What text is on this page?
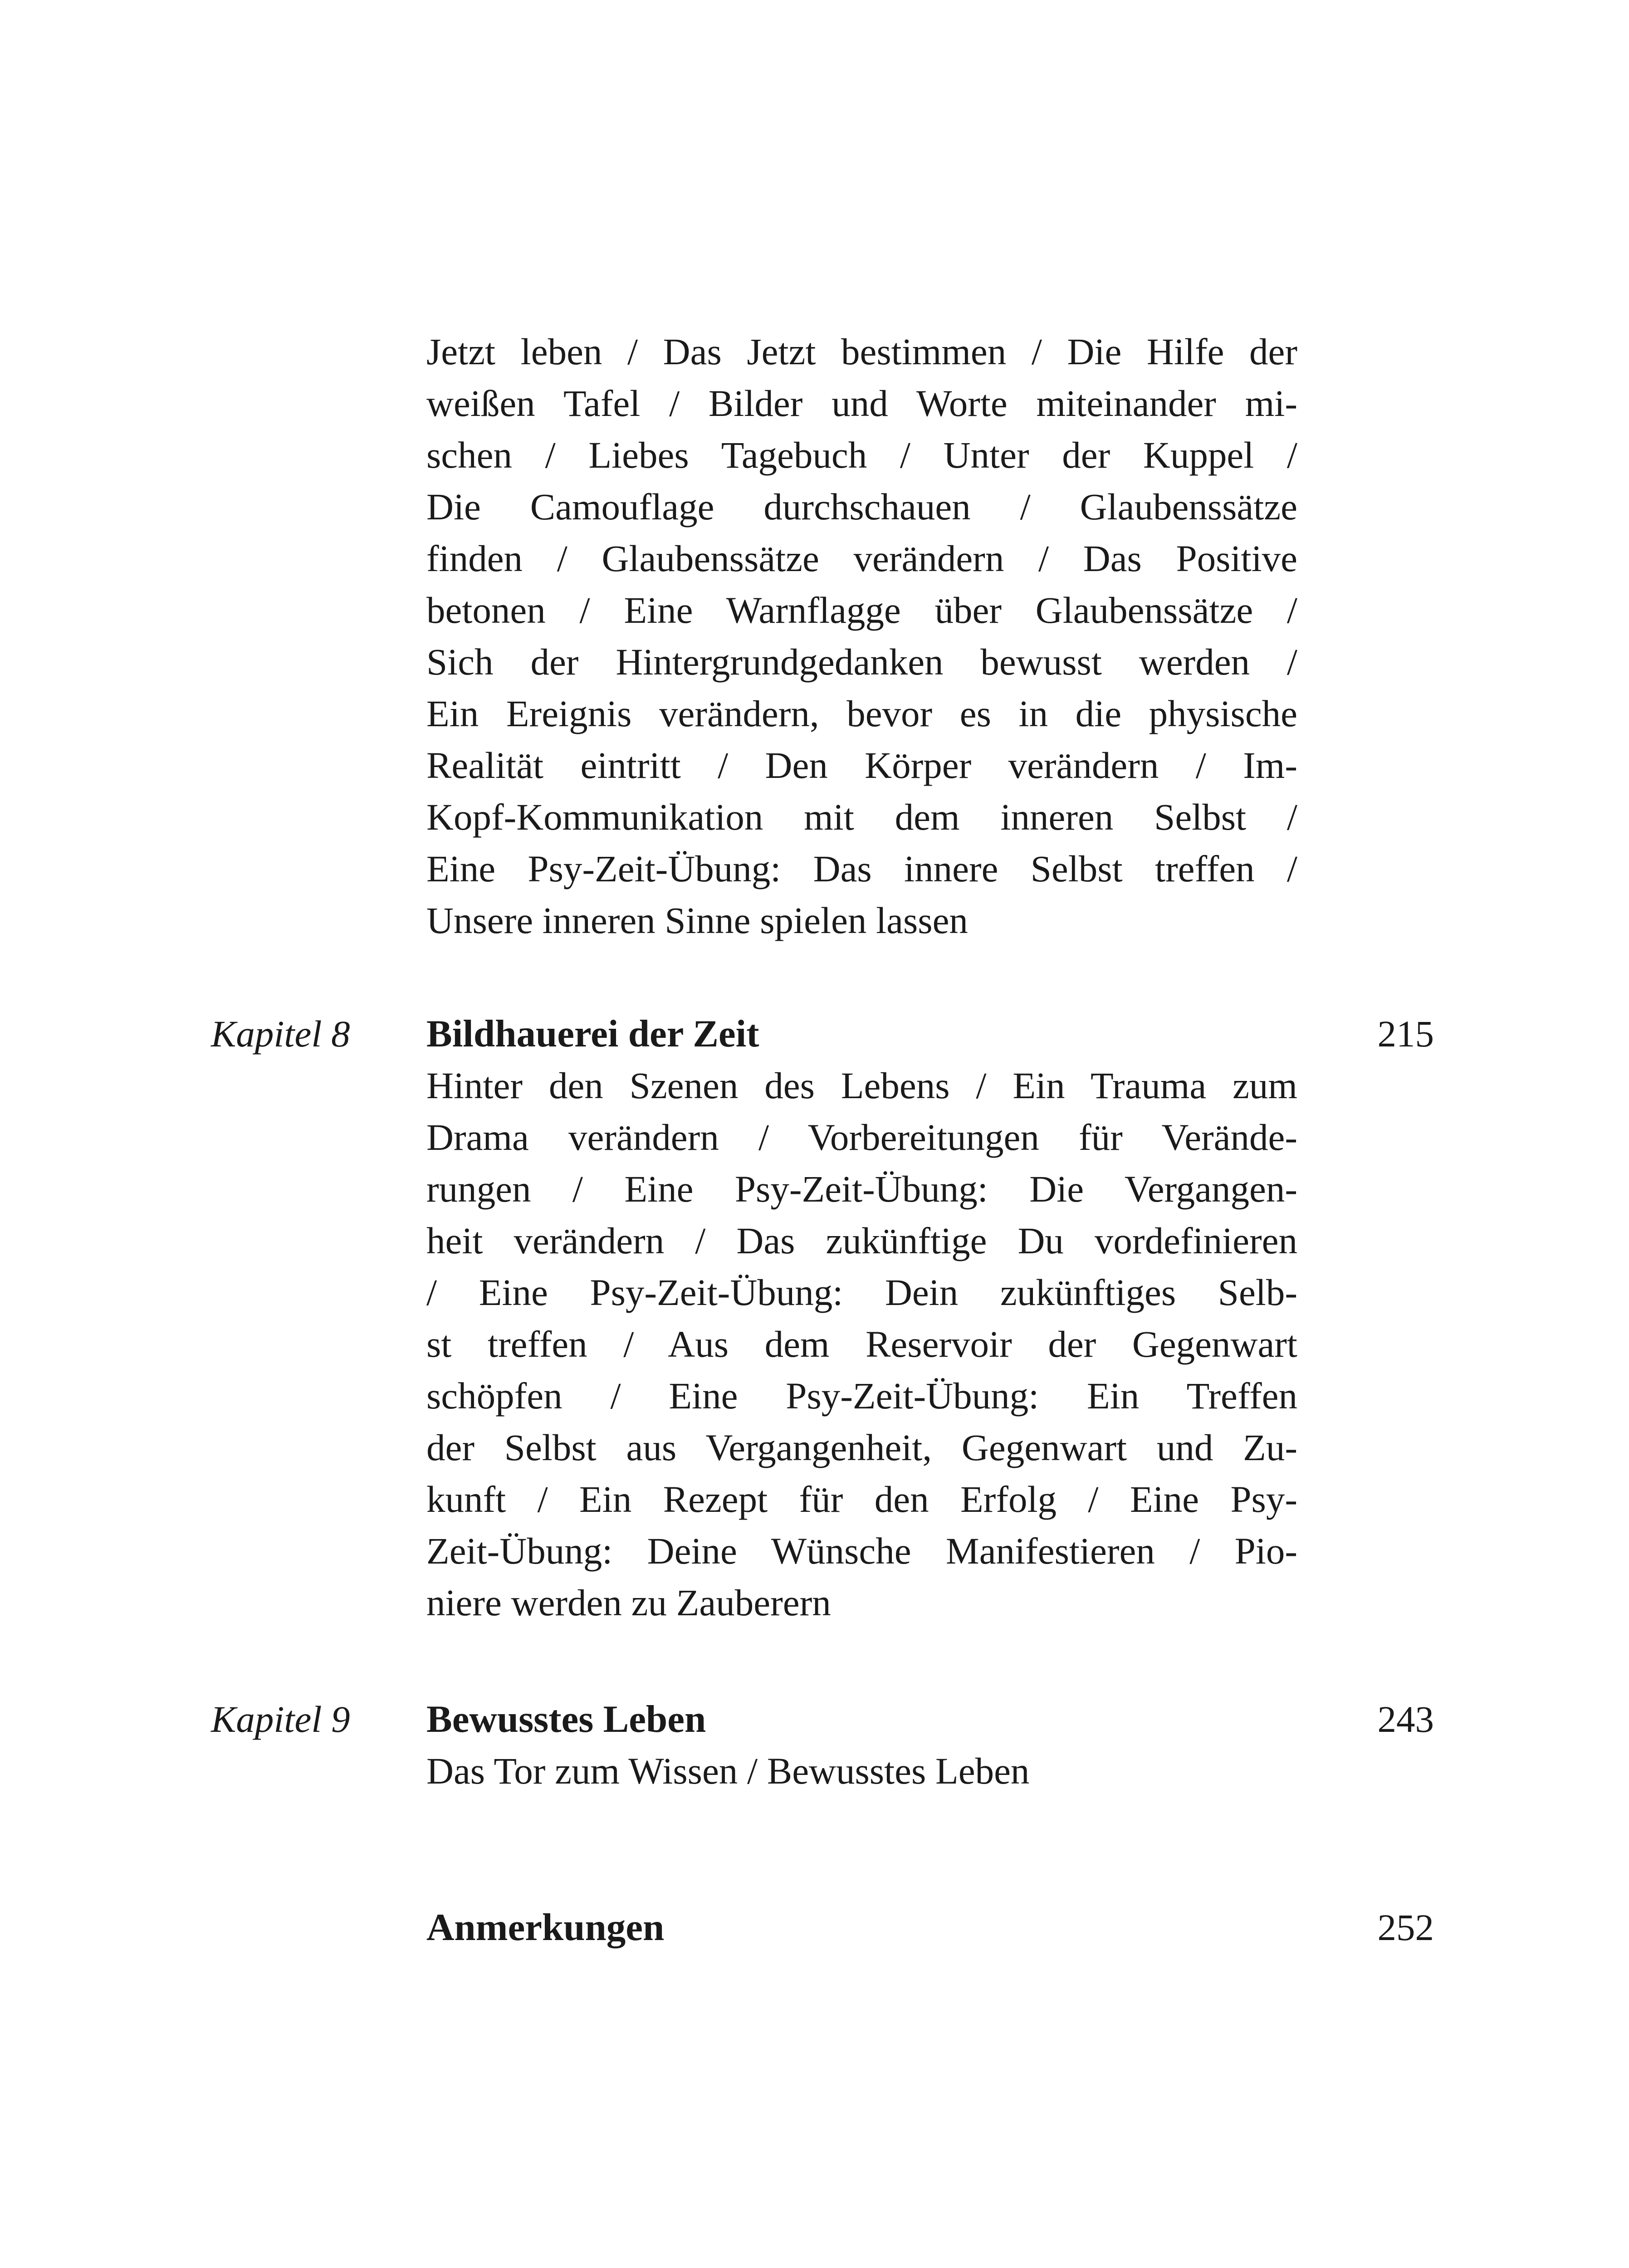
Jetzt leben / Das Jetzt bestimmen / Die Hilfe der
weißen Tafel / Bilder und Worte miteinander mi-
schen / Liebes Tagebuch / Unter der Kuppel /
Die Camouflage durchschauen / Glaubenssätze
finden / Glaubenssätze verändern / Das Positive
betonen / Eine Warnflagge über Glaubenssätze /
Sich der Hintergrundgedanken bewusst werden /
Ein Ereignis verändern, bevor es in die physische
Realität eintritt / Den Körper verändern / Im-
Kopf-Kommunikation mit dem inneren Selbst /
Eine Psy-Zeit-Übung: Das innere Selbst treffen /
Unsere inneren Sinne spielen lassen
Kapitel 8	215
Bildhauerei der Zeit
Hinter den Szenen des Lebens / Ein Trauma zum
Drama verändern / Vorbereitungen für Verände-
rungen / Eine Psy-Zeit-Übung: Die Vergangen-
heit verändern / Das zukünftige Du vordefinieren
/ Eine Psy-Zeit-Übung: Dein zukünftiges Selb-
st treffen / Aus dem Reservoir der Gegenwart
schöpfen / Eine Psy-Zeit-Übung: Ein Treffen
der Selbst aus Vergangenheit, Gegenwart und Zu-
kunft / Ein Rezept für den Erfolg / Eine Psy-
Zeit-Übung: Deine Wünsche Manifestieren / Pio-
niere werden zu Zauberern
Kapitel 9	243
Bewusstes Leben
Das Tor zum Wissen / Bewusstes Leben
252
Anmerkungen
